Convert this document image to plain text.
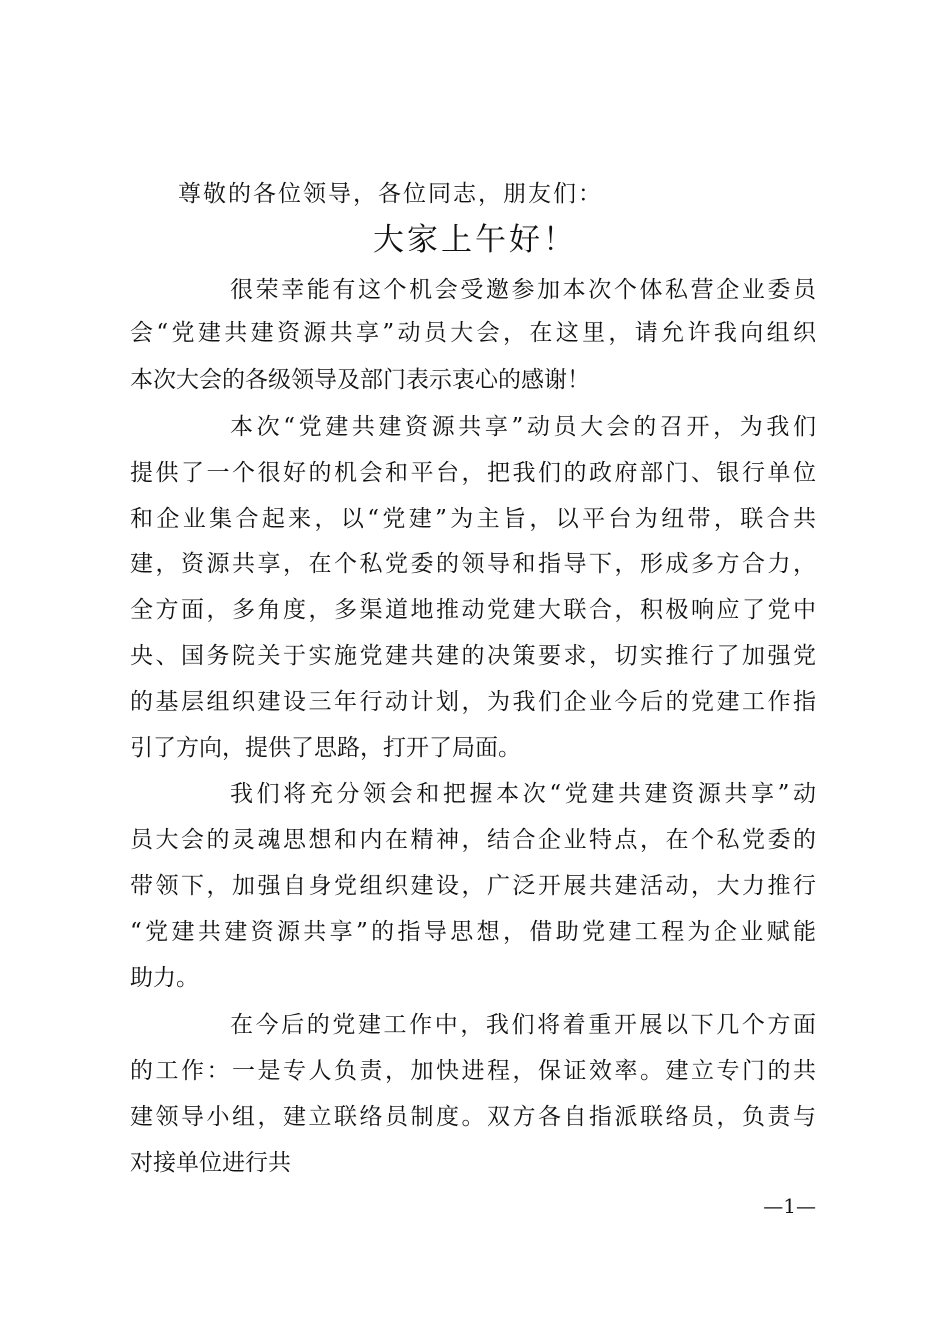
尊敬的各位领导，各位同志，朋友们：
大家上午好！
很荣幸能有这个机会受邀参加本次个体私营企业委员
会“党建共建资源共享”动员大会，在这里，请允许我向组织
本次大会的各级领导及部门表示衷心的感谢！
本次“党建共建资源共享”动员大会的召开，为我们
提供了一个很好的机会和平台，把我们的政府部门、银行单位
和企业集合起来，以“党建”为主旨，以平台为纽带，联合共
建，资源共享，在个私党委的领导和指导下，形成多方合力，
全方面，多角度，多渠道地推动党建大联合，积极响应了党中
央、国务院关于实施党建共建的决策要求，切实推行了加强党
的基层组织建设三年行动计划，为我们企业今后的党建工作指
引了方向，提供了思路，打开了局面。
我们将充分领会和把握本次“党建共建资源共享”动
员大会的灵魂思想和内在精神，结合企业特点，在个私党委的
带领下，加强自身党组织建设，广泛开展共建活动，大力推行
“党建共建资源共享”的指导思想，借助党建工程为企业赋能
助力。
在今后的党建工作中，我们将着重开展以下几个方面
的工作：一是专人负责，加快进程，保证效率。建立专门的共
建领导小组，建立联络员制度。双方各自指派联络员，负责与
对接单位进行共
—1—
